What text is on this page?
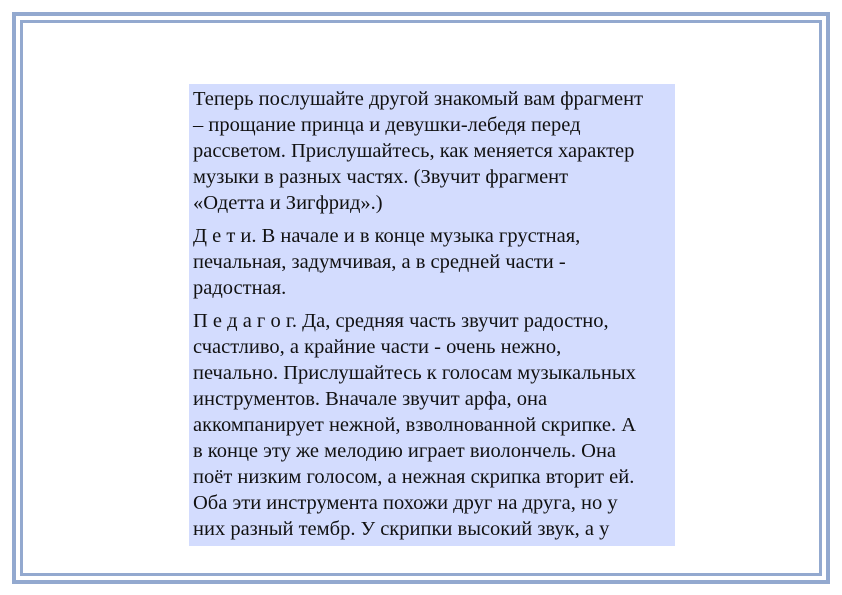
Теперь послушайте другой знакомый вам фрагмент
– прощание принца и девушки-лебедя перед
рассветом. Прислушайтесь, как меняется характер
музыки в разных частях. (Звучит фрагмент
«Одетта и Зигфрид».)

Д е т и. В начале и в конце музыка грустная,
печальная, задумчивая, а в средней части -
радостная.

П е д а г о г. Да, средняя часть звучит радостно,
счастливо, а крайние части - очень нежно,
печально. Прислушайтесь к голосам музыкальных
инструментов. Вначале звучит арфа, она
аккомпанирует нежной, взволнованной скрипке. А
в конце эту же мелодию играет виолончель. Она
поёт низким голосом, а нежная скрипка вторит ей.
Оба эти инструмента похожи друг на друга, но у
них разный тембр. У скрипки высокий звук, а у
